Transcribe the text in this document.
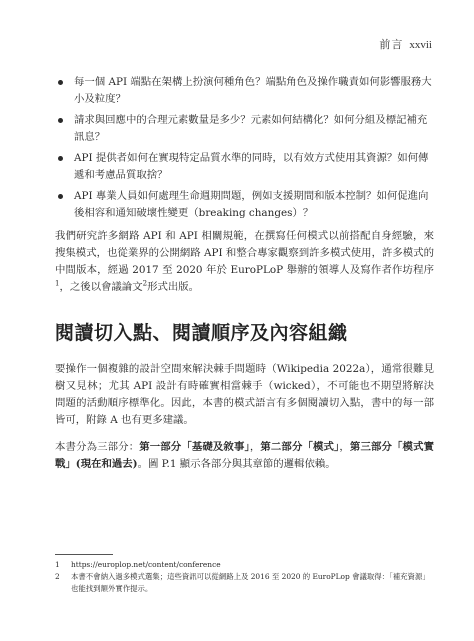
前言 xxvii
每一個 API 端點在架構上扮演何種角色？端點角色及操作職責如何影響服務大小及粒度？
請求與回應中的合理元素數量是多少？元素如何結構化？如何分組及標記補充訊息？
API 提供者如何在實現特定品質水準的同時，以有效方式使用其資源？如何傳遞和考慮品質取捨？
API 專業人員如何處理生命週期問題，例如支援期間和版本控制？如何促進向後相容和通知破壞性變更（breaking changes）？

我們研究許多網路 API 和 API 相關規範，在撰寫任何模式以前搭配自身經驗，來搜集模式，也從業界的公開網路 API 和整合專家觀察到許多模式使用，許多模式的中間版本，經過 2017 至 2020 年於 EuroPLoP 舉辦的領導人及寫作者作坊程序$^1$，之後以會議論文$^2$形式出版。

閱讀切入點、閱讀順序及內容組織

要操作一個複雜的設計空間來解決棘手問題時（Wikipedia 2022a），通常很難見樹又見林；尤其 API 設計有時確實相當棘手（wicked），不可能也不期望將解決問題的活動順序標準化。因此，本書的模式語言有多個閱讀切入點，書中的每一部皆可，附錄 A 也有更多建議。

本書分為三部分：第一部分「基礎及敘事」，第二部分「模式」，第三部分「模式實戰」(現在和過去)。圖 P.1 顯示各部分與其章節的邏輯依賴。

1 https://europlop.net/content/conference
2 本書不會納入過多模式選集；這些資訊可以從網路上及 2016 至 2020 的 EuroPLop 會議取得：「補充資源」也能找到額外實作提示。
